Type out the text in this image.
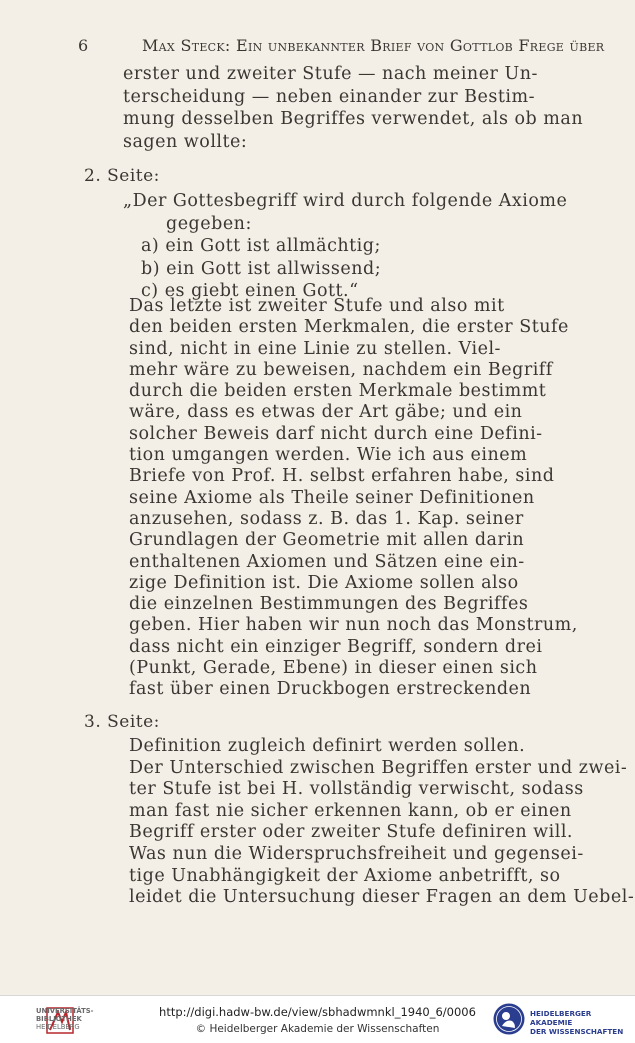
6	Max Steck: Ein unbekannter Brief von Gottlob Frege über
erster und zweiter Stufe — nach meiner Un-
terscheidung — neben einander zur Bestim-
mung desselben Begriffes verwendet, als ob man
sagen wollte:
2. Seite:
„Der Gottesbegriff wird durch folgende Axiome
gegeben:
a) ein Gott ist allmächtig;
b) ein Gott ist allwissend;
c) es giebt einen Gott.“
Das letzte ist zweiter Stufe und also mit
den beiden ersten Merkmalen, die erster Stufe
sind, nicht in eine Linie zu stellen. Viel-
mehr wäre zu beweisen, nachdem ein Begriff
durch die beiden ersten Merkmale bestimmt
wäre, dass es etwas der Art gäbe; und ein
solcher Beweis darf nicht durch eine Defini-
tion umgangen werden. Wie ich aus einem
Briefe von Prof. H. selbst erfahren habe, sind
seine Axiome als Theile seiner Definitionen
anzusehen, sodass z. B. das 1. Kap. seiner
Grundlagen der Geometrie mit allen darin
enthaltenen Axiomen und Sätzen eine ein-
zige Definition ist. Die Axiome sollen also
die einzelnen Bestimmungen des Begriffes
geben. Hier haben wir nun noch das Monstrum,
dass nicht ein einziger Begriff, sondern drei
(Punkt, Gerade, Ebene) in dieser einen sich
fast über einen Druckbogen erstreckenden
3. Seite:
Definition zugleich definirt werden sollen.
Der Unterschied zwischen Begriffen erster und zwei-
ter Stufe ist bei H. vollständig verwischt, sodass
man fast nie sicher erkennen kann, ob er einen
Begriff erster oder zweiter Stufe definiren will.
Was nun die Widerspruchsfreiheit und gegensei-
tige Unabhängigkeit der Axiome anbetrifft, so
leidet die Untersuchung dieser Fragen an dem Uebel-
UNIVERSITÄTS-
BIBLIOTHEK
HEIDELBERG
http://digi.hadw-bw.de/view/sbhadwmnkl_1940_6/0006
© Heidelberger Akademie der Wissenschaften
HEIDELBERGER AKADEMIE
DER WISSENSCHAFTEN
